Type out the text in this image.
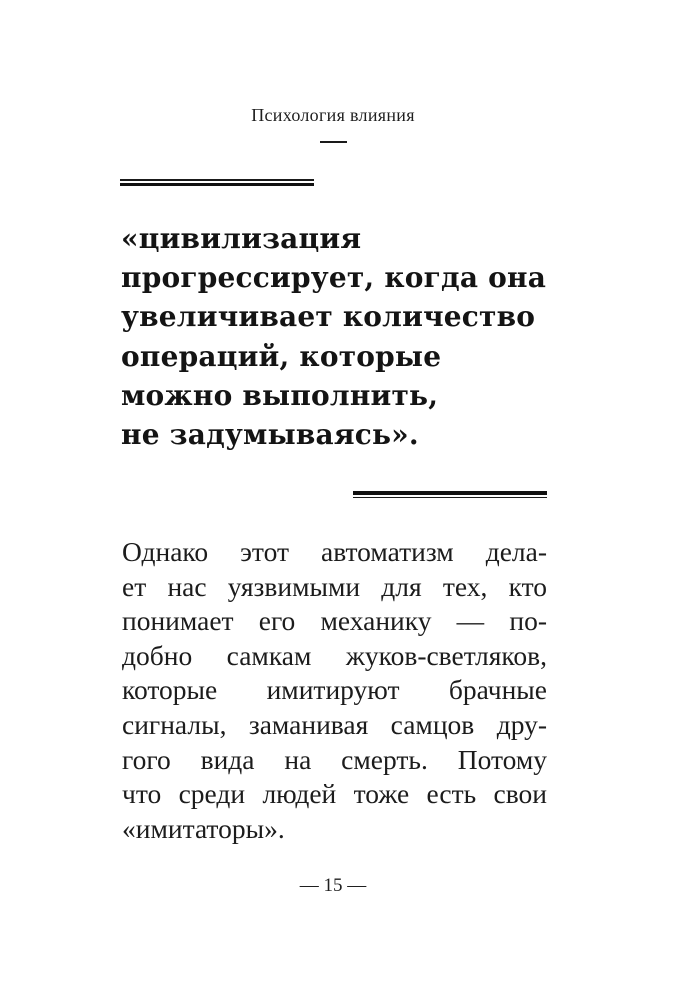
Психология влияния
«цивилизация
прогрессирует, когда она
увеличивает количество
операций, которые
можно выполнить,
не задумываясь».
Однако этот автоматизм дела-
ет нас уязвимыми для тех, кто
понимает его механику — по-
добно самкам жуков-светляков,
которые имитируют брачные
сигналы, заманивая самцов дру-
гого вида на смерть. Потому
что среди людей тоже есть свои
«имитаторы».
— 15 —
